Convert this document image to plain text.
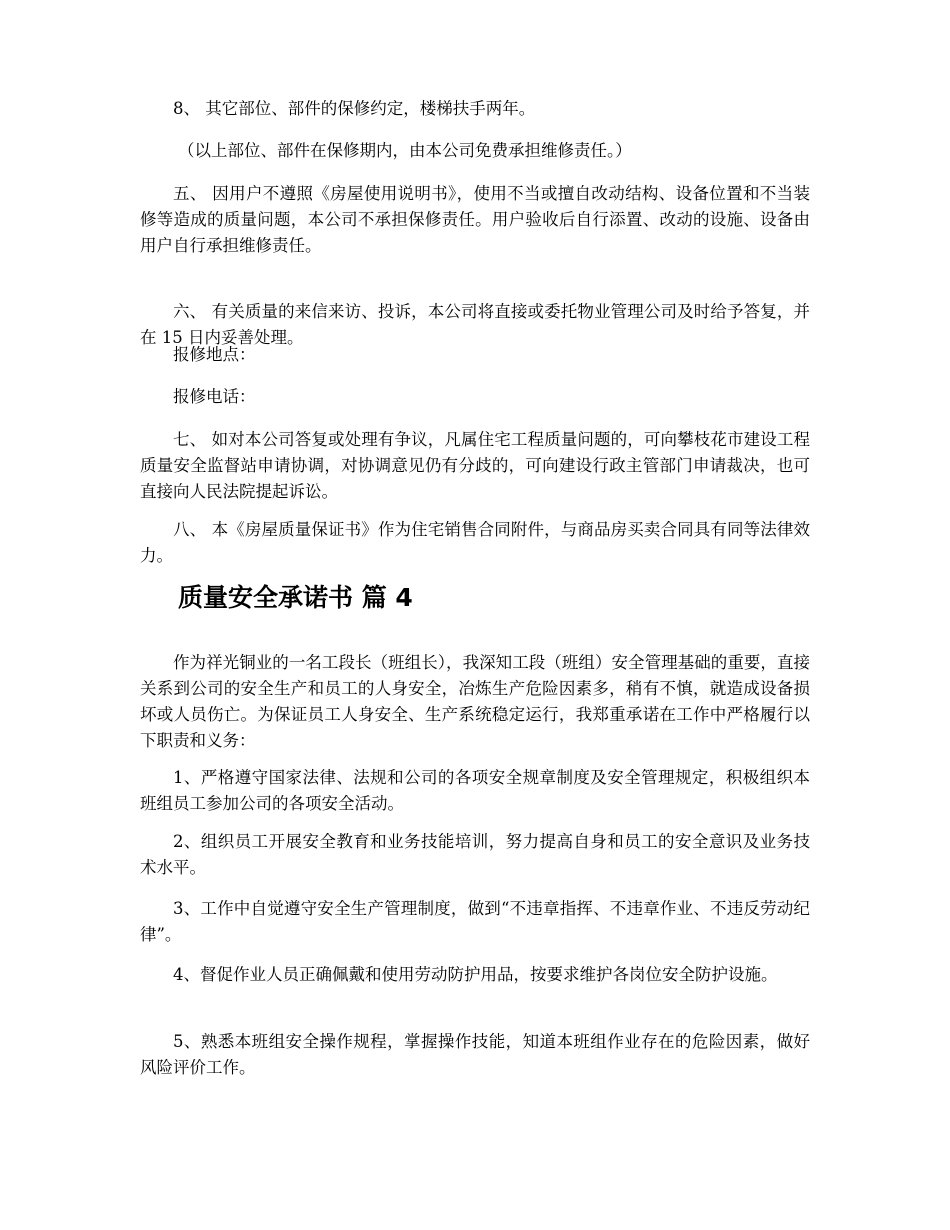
8、 其它部位、部件的保修约定，楼梯扶手两年。

（以上部位、部件在保修期内，由本公司免费承担维修责任。）

五、 因用户不遵照《房屋使用说明书》，使用不当或擅自改动结构、设备位置和不当装修等造成的质量问题，本公司不承担保修责任。用户验收后自行添置、改动的设施、设备由用户自行承担维修责任。

六、 有关质量的来信来访、投诉，本公司将直接或委托物业管理公司及时给予答复，并在 15 日内妥善处理。

报修地点：

报修电话：

七、 如对本公司答复或处理有争议，凡属住宅工程质量问题的，可向攀枝花市建设工程质量安全监督站申请协调，对协调意见仍有分歧的，可向建设行政主管部门申请裁决，也可直接向人民法院提起诉讼。

八、 本《房屋质量保证书》作为住宅销售合同附件，与商品房买卖合同具有同等法律效力。

质量安全承诺书 篇 4

作为祥光铜业的一名工段长（班组长），我深知工段（班组）安全管理基础的重要，直接关系到公司的安全生产和员工的人身安全，冶炼生产危险因素多，稍有不慎，就造成设备损坏或人员伤亡。为保证员工人身安全、生产系统稳定运行，我郑重承诺在工作中严格履行以下职责和义务：

1、严格遵守国家法律、法规和公司的各项安全规章制度及安全管理规定，积极组织本班组员工参加公司的各项安全活动。

2、组织员工开展安全教育和业务技能培训，努力提高自身和员工的安全意识及业务技术水平。

3、工作中自觉遵守安全生产管理制度，做到“不违章指挥、不违章作业、不违反劳动纪律”。

4、督促作业人员正确佩戴和使用劳动防护用品，按要求维护各岗位安全防护设施。

5、熟悉本班组安全操作规程，掌握操作技能，知道本班组作业存在的危险因素，做好风险评价工作。
